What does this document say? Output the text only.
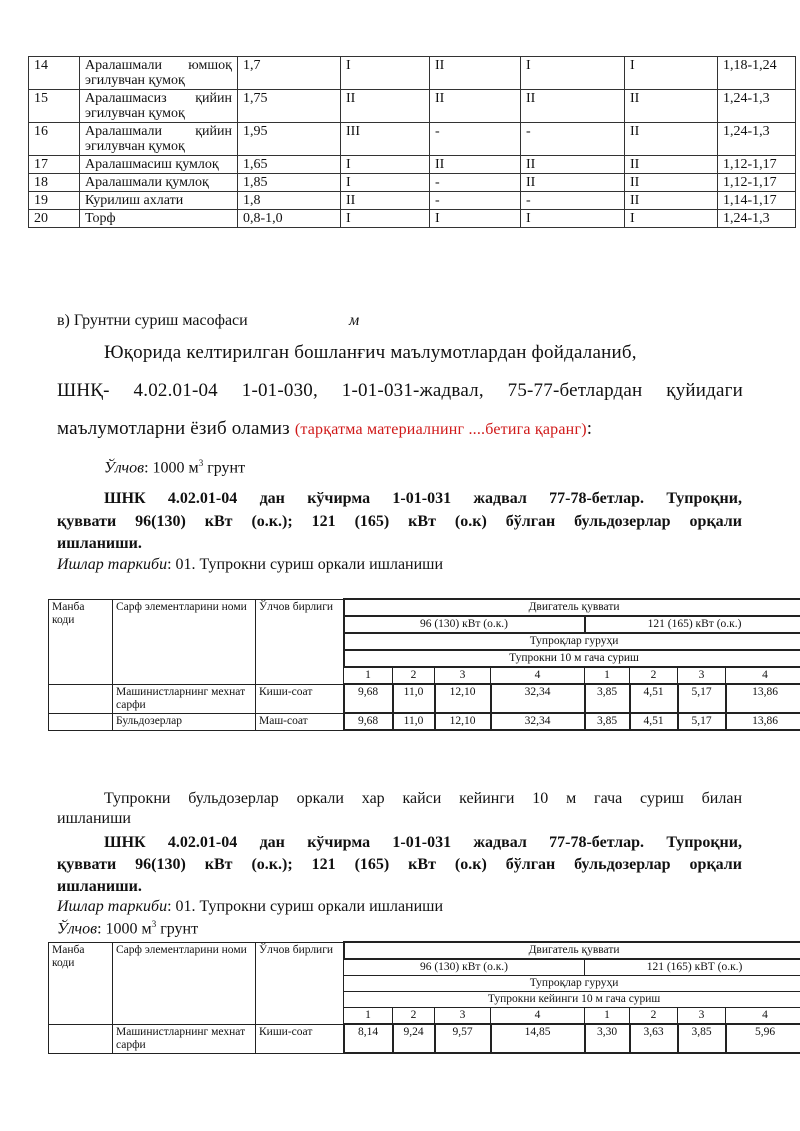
14	Аралашмали юмшоқ эгилувчан қумоқ	1,7	I	II	I	I	1,18-1,24
15	Аралашмасиз қийин эгилувчан қумоқ	1,75	II	II	II	II	1,24-1,3
16	Аралашмали қийин эгилувчан қумоқ	1,95	III	-	-	II	1,24-1,3
17	Аралашмасиш қумлоқ	1,65	I	II	II	II	1,12-1,17
18	Аралашмали қумлоқ	1,85	I	-	II	II	1,12-1,17
19	Курилиш ахлати	1,8	II	-	-	II	1,14-1,17
20	Торф	0,8-1,0	I	I	I	I	1,24-1,3
в) Грунтни суриш масофаси	м
Юқорида келтирилган бошланғич маълумотлардан фойдаланиб,
ШНҚ- 4.02.01-04 1-01-030, 1-01-031-жадвал, 75-77-бетлардан қуйидаги
маълумотларни ёзиб оламиз (тарқатма материалнинг ....бетига қаранг):
Ўлчов: 1000 $м^3$ грунт
ШНК 4.02.01-04 дан кўчирма 1-01-031 жадвал 77-78-бетлар. Тупроқни,
қуввати 96(130) кВт (о.к.); 121 (165) кВт (о.к) бўлган бульдозерлар орқали
ишланиши.
Ишлар таркиби: 01. Тупрокни суриш оркали ишланиши
Манба коди	Сарф элементларини номи	Ўлчов бирлиги	Двигатель қуввати							
			96 (130) кВт (о.к.)				121 (165) кВт (о.к.)			
			Тупроқлар гуруҳи							
			Тупрокни 10 м гача суриш							
			1	2	3	4	1	2	3	4
	Машинистларнинг мехнат сарфи	Киши-соат	9,68	11,0	12,10	32,34	3,85	4,51	5,17	13,86
	Бульдозерлар	Маш-соат	9,68	11,0	12,10	32,34	3,85	4,51	5,17	13,86
Тупрокни бульдозерлар оркали хар кайси кейинги 10 м гача суриш билан
ишланиши
ШНК 4.02.01-04 дан кўчирма 1-01-031 жадвал 77-78-бетлар. Тупроқни,
қуввати 96(130) кВт (о.к.); 121 (165) кВт (о.к) бўлган бульдозерлар орқали
ишланиши.
Ишлар таркиби: 01. Тупрокни суриш оркали ишланиши
Ўлчов: 1000 $м^3$ грунт
Манба коди	Сарф элементларини номи	Ўлчов бирлиги	Двигатель қуввати							
			96 (130) кВт (о.к.)				121 (165) кВТ (о.к.)			
			Тупроқлар гуруҳи							
			Тупрокни кейинги 10 м гача суриш							
			1	2	3	4	1	2	3	4
	Машинистларнинг мехнат сарфи	Киши-соат	8,14	9,24	9,57	14,85	3,30	3,63	3,85	5,96
